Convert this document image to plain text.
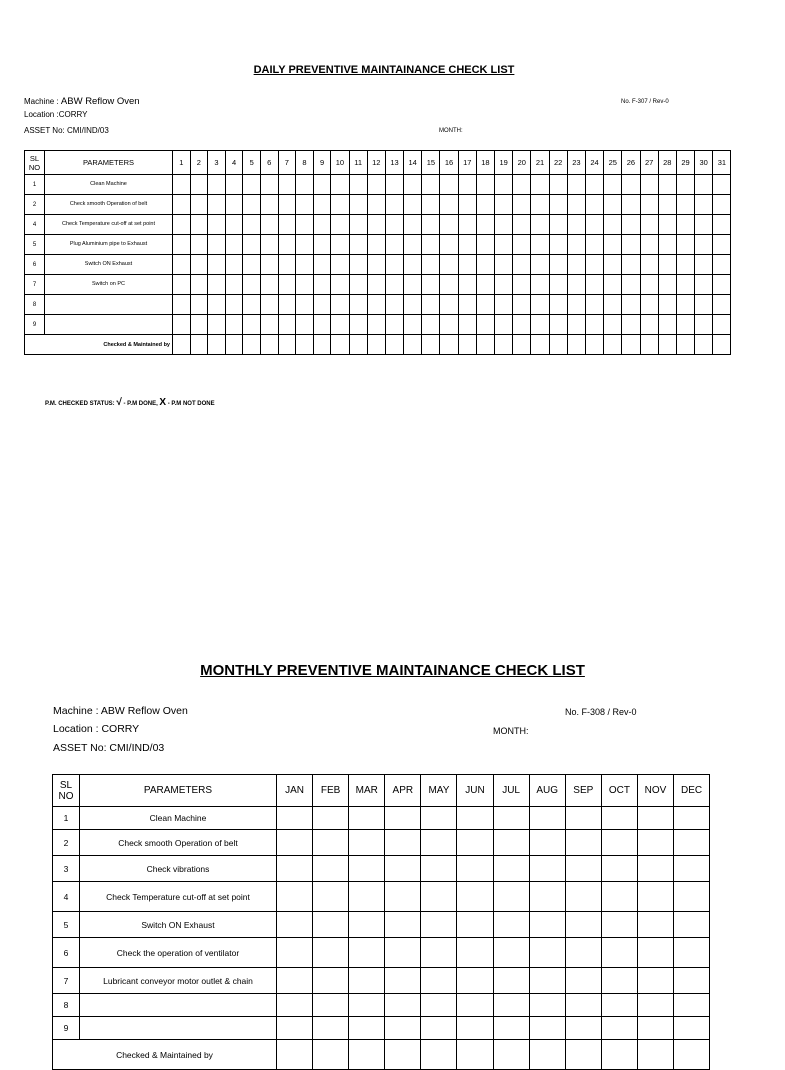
DAILY PREVENTIVE MAINTAINANCE CHECK LIST
Machine : ABW Reflow Oven
Location :CORRY
ASSET No: CMI/IND/03
No. F-307 / Rev-0
MONTH:
SL NO	PARAMETERS	1	2	3	4	5	6	7	8	9	10	11	12	13	14	15	16	17	18	19	20	21	22	23	24	25	26	27	28	29	30	31
1	Clean Machine																															
2	Check smooth Operation of belt																															
4	Check Temperature cut-off at set point																															
5	Plug Aluminium pipe to Exhaust																															
6	Switch ON Exhaust																															
7	Switch on PC																															
8																																
9																																
Checked & Maintained by																																
P.M. CHECKED STATUS: √ - P.M DONE, X - P.M NOT DONE
MONTHLY PREVENTIVE MAINTAINANCE CHECK LIST
Machine : ABW Reflow Oven
Location : CORRY
ASSET No: CMI/IND/03
No. F-308 / Rev-0
MONTH:
SL NO	PARAMETERS	JAN	FEB	MAR	APR	MAY	JUN	JUL	AUG	SEP	OCT	NOV	DEC
1	Clean Machine												
2	Check smooth Operation of belt												
3	Check vibrations												
4	Check Temperature cut-off at set point												
5	Switch ON Exhaust												
6	Check the operation of ventilator												
7	Lubricant conveyor motor outlet & chain												
8													
9													
Checked & Maintained by													
